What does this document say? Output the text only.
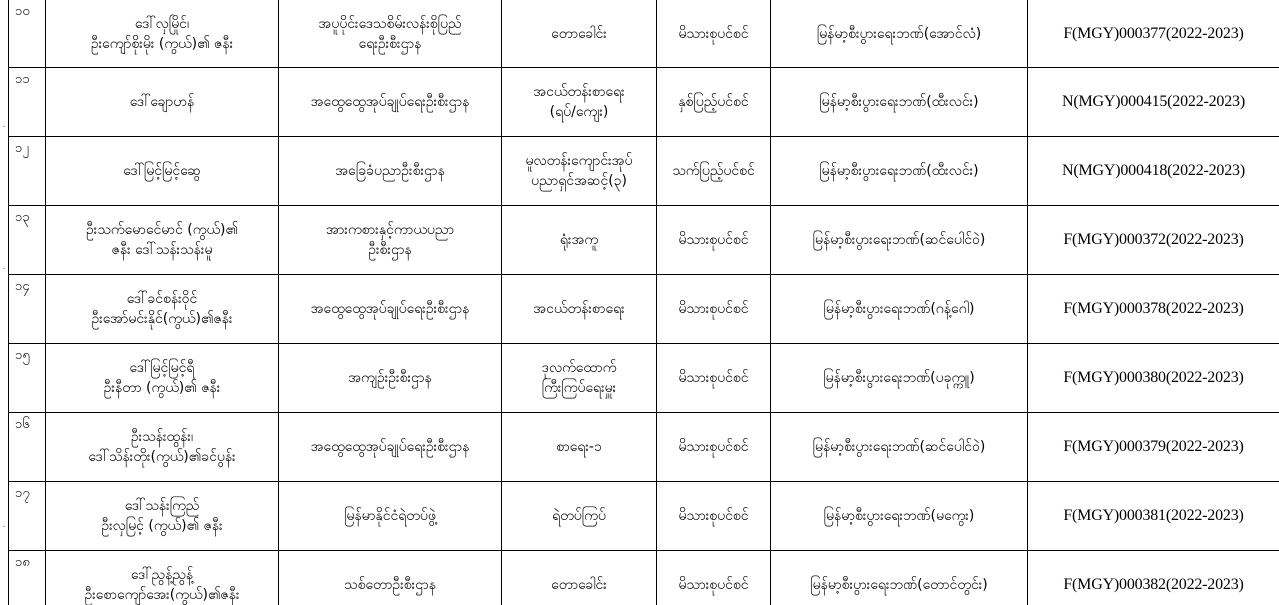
.
.
.
၁၀	ဒေါ်လှမြိုင်၊
ဦးကျော်စိုးမိုး (ကွယ်)၏ ဇနီး	အပူပိုင်းဒေသစိမ်းလန်းစိုပြည်
ရေးဦးစီးဌာန	တောခေါင်း	မိသားစုပင်စင်	မြန်မာ့စီးပွားရေးဘဏ်(အောင်လံ)	F(MGY)000377(2022-2023)
၁၁	ဒေါ်ချောဟန်	အထွေထွေအုပ်ချုပ်ရေးဦးစီးဌာန	အငယ်တန်းစာရေး
(ရပ်/ကျေး)	နှစ်ပြည့်ပင်စင်	မြန်မာ့စီးပွားရေးဘဏ်(ထီးလင်း)	N(MGY)000415(2022-2023)
၁၂	ဒေါ်မြင့်မြင့်ဆွေ	အခြေခံပညာဦးစီးဌာန	မူလတန်းကျောင်းအုပ်
ပညာရှင်အဆင့်(၃)	သက်ပြည့်ပင်စင်	မြန်မာ့စီးပွားရေးဘဏ်(ထီးလင်း)	N(MGY)000418(2022-2023)
၁၃	ဦးသက်မောင်ေမာင် (ကွယ်)၏
ဇနီး ဒေါ်သန်းသန်းမူ	အားကစားနှင့်ကာယပညာ
ဦးစီးဌာန	ရုံးအကူ	မိသားစုပင်စင်	မြန်မာ့စီးပွားရေးဘဏ်(ဆင်ပေါင်ဝဲ)	F(MGY)000372(2022-2023)
၁၄	ဒေါ်ခင်စန်းဝိုင်
ဦးအော်မင်းနိုင်(ကွယ်)၏ဇနီး	အထွေထွေအုပ်ချုပ်ရေးဦးစီးဌာန	အငယ်တန်းစာရေး	မိသားစုပင်စင်	မြန်မာ့စီးပွားရေးဘဏ်(ဂန့်ဂေါ)	F(MGY)000378(2022-2023)
၁၅	ဒေါ်မြင့်မြင့်ရီ
ဦးနီတာ (ကွယ်)၏ ဇနီး	အကျဉ်းဦးစီးဌာန	ဒုလက်ထောက်
ကြီးကြပ်ရေးမှူး	မိသားစုပင်စင်	မြန်မာ့စီးပွားရေးဘဏ်(ပခုက္ကူ)	F(MGY)000380(2022-2023)
၁၆	ဦးသန်းထွန်း၊
ဒေါ်သိန်းတိုး(ကွယ်)၏ခင်ပွန်း	အထွေထွေအုပ်ချုပ်ရေးဦးစီးဌာန	စာရေး-၁	မိသားစုပင်စင်	မြန်မာ့စီးပွားရေးဘဏ်(ဆင်ပေါင်ဝဲ)	F(MGY)000379(2022-2023)
၁၇	ဒေါ်သန်းကြည်
ဦးလှမြင့် (ကွယ်)၏ ဇနီး	မြန်မာနိုင်ငံရဲတပ်ဖွဲ့	ရဲတပ်ကြပ်	မိသားစုပင်စင်	မြန်မာ့စီးပွားရေးဘဏ်(မကွေး)	F(MGY)000381(2022-2023)
၁၈	ဒေါ်ညွန့်ညွန့်
ဦးစောကျော်အေး(ကွယ်)၏ဇနီး	သစ်တောဦးစီးဌာန	တောခေါင်း	မိသားစုပင်စင်	မြန်မာ့စီးပွားရေးဘဏ်(တောင်တွင်း)	F(MGY)000382(2022-2023)
